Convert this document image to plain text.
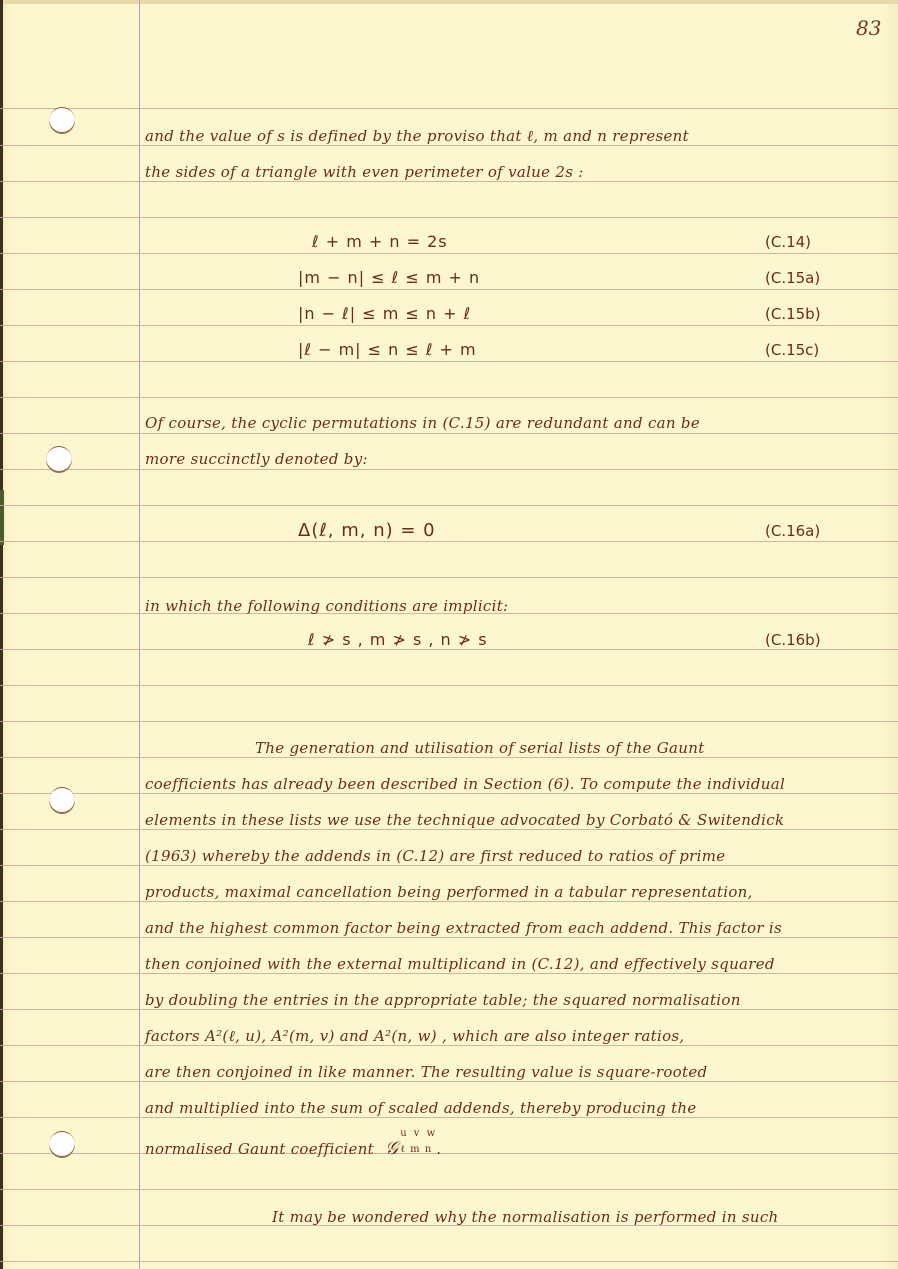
83
and the value of s is defined by the proviso that ℓ, m and n represent
the sides of a triangle with even perimeter of value 2s :
ℓ + m + n = 2s	(C.14)
|m − n| ≤ ℓ ≤ m + n	(C.15a)
|n − ℓ| ≤ m ≤ n + ℓ	(C.15b)
|ℓ − m| ≤ n ≤ ℓ + m	(C.15c)
Of course, the cyclic permutations in (C.15) are redundant and can be
more succinctly denoted by:
Δ(ℓ, m, n) = 0	(C.16a)
in which the following conditions are implicit:
ℓ ≯ s , m ≯ s , n ≯ s	(C.16b)
The generation and utilisation of serial lists of the Gaunt
coefficients has already been described in Section (6). To compute the individual
elements in these lists we use the technique advocated by Corbató & Switendick
(1963) whereby the addends in (C.12) are first reduced to ratios of prime
products, maximal cancellation being performed in a tabular representation,
and the highest common factor being extracted from each addend. This factor is
then conjoined with the external multiplicand in (C.12), and effectively squared
by doubling the entries in the appropriate table; the squared normalisation
factors A²(ℓ, u), A²(m, v) and A²(n, w) , which are also integer ratios,
are then conjoined in like manner. The resulting value is square-rooted
and multiplied into the sum of scaled addends, thereby producing the
normalised Gaunt coefficient 𝒢
u v w
ℓ m n .
It may be wondered why the normalisation is performed in such
